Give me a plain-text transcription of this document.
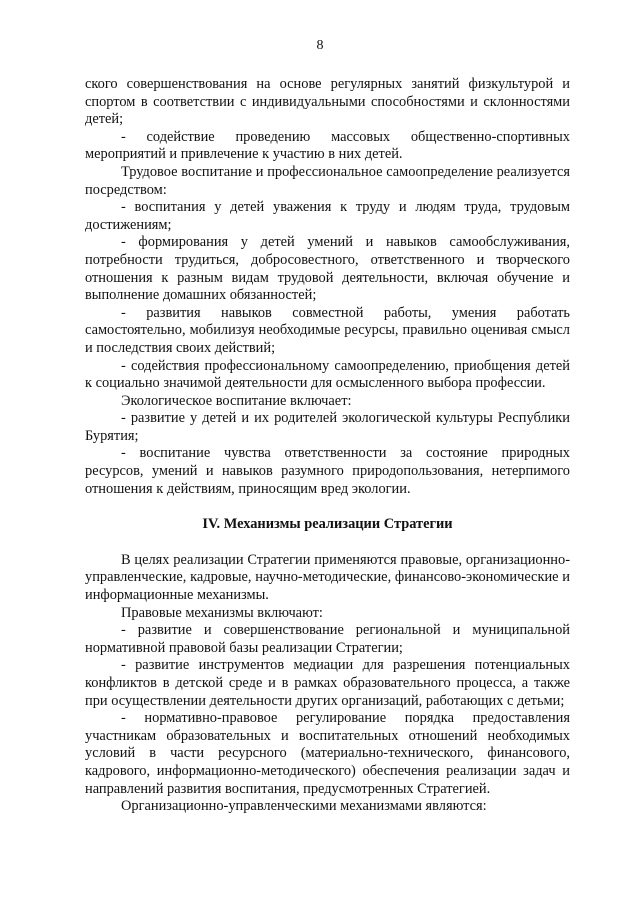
8

ского совершенствования на основе регулярных занятий физкультурой и спортом в соответствии с индивидуальными способностями и склонностями детей;

- содействие проведению массовых общественно-спортивных мероприятий и привлечение к участию в них детей.

Трудовое воспитание и профессиональное самоопределение реализуется посредством:

- воспитания у детей уважения к труду и людям труда, трудовым достижениям;

- формирования у детей умений и навыков самообслуживания, потребности трудиться, добросовестного, ответственного и творческого отношения к разным видам трудовой деятельности, включая обучение и выполнение домашних обязанностей;

- развития навыков совместной работы, умения работать самостоятельно, мобилизуя необходимые ресурсы, правильно оценивая смысл и последствия своих действий;

- содействия профессиональному самоопределению, приобщения детей к социально значимой деятельности для осмысленного выбора профессии.

Экологическое воспитание включает:

- развитие у детей и их родителей экологической культуры Республики Бурятия;

- воспитание чувства ответственности за состояние природных ресурсов, умений и навыков разумного природопользования, нетерпимого отношения к действиям, приносящим вред экологии.

IV. Механизмы реализации Стратегии

В целях реализации Стратегии применяются правовые, организационно-управленческие, кадровые, научно-методические, финансово-экономические и информационные механизмы.

Правовые механизмы включают:

- развитие и совершенствование региональной и муниципальной нормативной правовой базы реализации Стратегии;

- развитие инструментов медиации для разрешения потенциальных конфликтов в детской среде и в рамках образовательного процесса, а также при осуществлении деятельности других организаций, работающих с детьми;

- нормативно-правовое регулирование порядка предоставления участникам образовательных и воспитательных отношений необходимых условий в части ресурсного (материально-технического, финансового, кадрового, информационно-методического) обеспечения реализации задач и направлений развития воспитания, предусмотренных Стратегией.

Организационно-управленческими механизмами являются:
